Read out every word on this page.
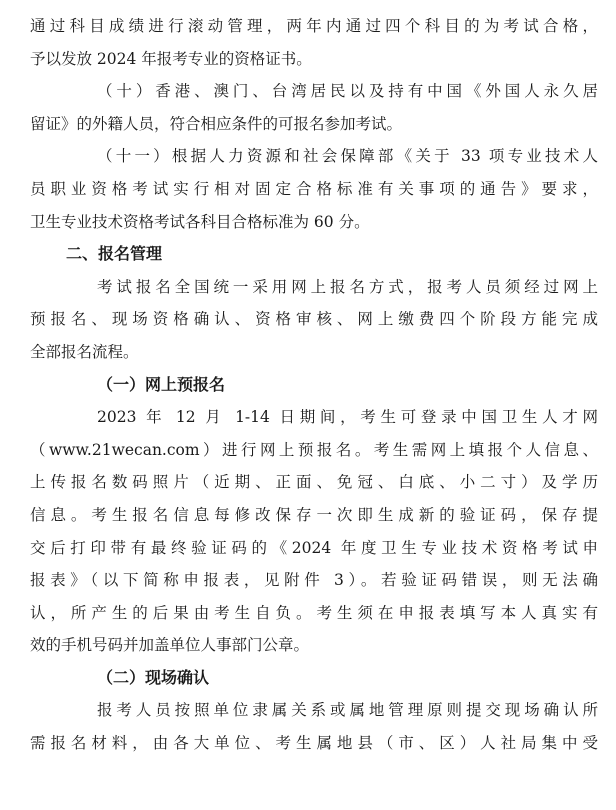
通过科目成绩进行滚动管理，两年内通过四个科目的为考试合格，
予以发放 2024 年报考专业的资格证书。
（十）香港、澳门、台湾居民以及持有中国《外国人永久居
留证》的外籍人员，符合相应条件的可报名参加考试。
（十一）根据人力资源和社会保障部《关于 33 项专业技术人
员职业资格考试实行相对固定合格标准有关事项的通告》要求，
卫生专业技术资格考试各科目合格标准为 60 分。
二、报名管理
考试报名全国统一采用网上报名方式，报考人员须经过网上
预报名、现场资格确认、资格审核、网上缴费四个阶段方能完成
全部报名流程。
（一）网上预报名
2023 年 12 月 1-14 日期间，考生可登录中国卫生人才网
（www.21wecan.com）进行网上预报名。考生需网上填报个人信息、
上传报名数码照片（近期、正面、免冠、白底、小二寸）及学历
信息。考生报名信息每修改保存一次即生成新的验证码，保存提
交后打印带有最终验证码的《2024 年度卫生专业技术资格考试申
报表》（以下简称申报表，见附件 3）。若验证码错误，则无法确
认，所产生的后果由考生自负。考生须在申报表填写本人真实有
效的手机号码并加盖单位人事部门公章。
（二）现场确认
报考人员按照单位隶属关系或属地管理原则提交现场确认所
需报名材料，由各大单位、考生属地县（市、区）人社局集中受
